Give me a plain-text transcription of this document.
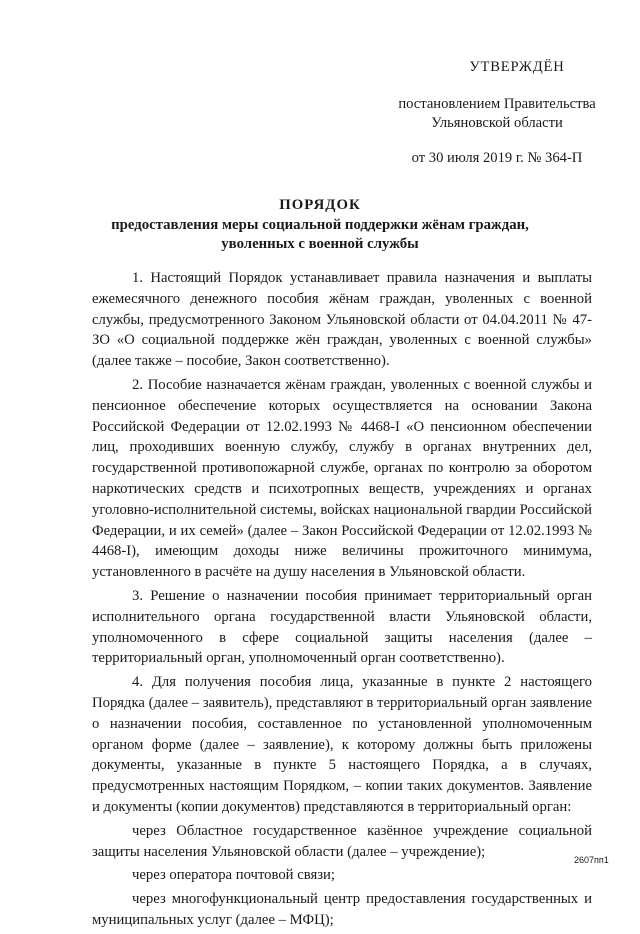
УТВЕРЖДЁН
постановлением Правительства
Ульяновской области
от 30 июля 2019 г. № 364-П
ПОРЯДОК
предоставления меры социальной поддержки жёнам граждан,
уволенных с военной службы

1. Настоящий Порядок устанавливает правила назначения и выплаты ежемесячного денежного пособия жёнам граждан, уволенных с военной службы, предусмотренного Законом Ульяновской области от 04.04.2011 № 47-ЗО «О социальной поддержке жён граждан, уволенных с военной службы» (далее также – пособие, Закон соответственно).

2. Пособие назначается жёнам граждан, уволенных с военной службы и пенсионное обеспечение которых осуществляется на основании Закона Российской Федерации от 12.02.1993 № 4468-I «О пенсионном обеспечении лиц, проходивших военную службу, службу в органах внутренних дел, государственной противопожарной службе, органах по контролю за оборотом наркотических средств и психотропных веществ, учреждениях и органах уголовно-исполнительной системы, войсках национальной гвардии Российской Федерации, и их семей» (далее – Закон Российской Федерации от 12.02.1993 № 4468-I), имеющим доходы ниже величины прожиточного минимума, установленного в расчёте на душу населения в Ульяновской области.

3. Решение о назначении пособия принимает территориальный орган исполнительного органа государственной власти Ульяновской области, уполномоченного в сфере социальной защиты населения (далее – территориальный орган, уполномоченный орган соответственно).

4. Для получения пособия лица, указанные в пункте 2 настоящего Порядка (далее – заявитель), представляют в территориальный орган заявление о назначении пособия, составленное по установленной уполномоченным органом форме (далее – заявление), к которому должны быть приложены документы, указанные в пункте 5 настоящего Порядка, а в случаях, предусмотренных настоящим Порядком, – копии таких документов. Заявление и документы (копии документов) представляются в территориальный орган:

через Областное государственное казённое учреждение социальной защиты населения Ульяновской области (далее – учреждение);

через оператора почтовой связи;

через многофункциональный центр предоставления государственных и муниципальных услуг (далее – МФЦ);

2607пп1
